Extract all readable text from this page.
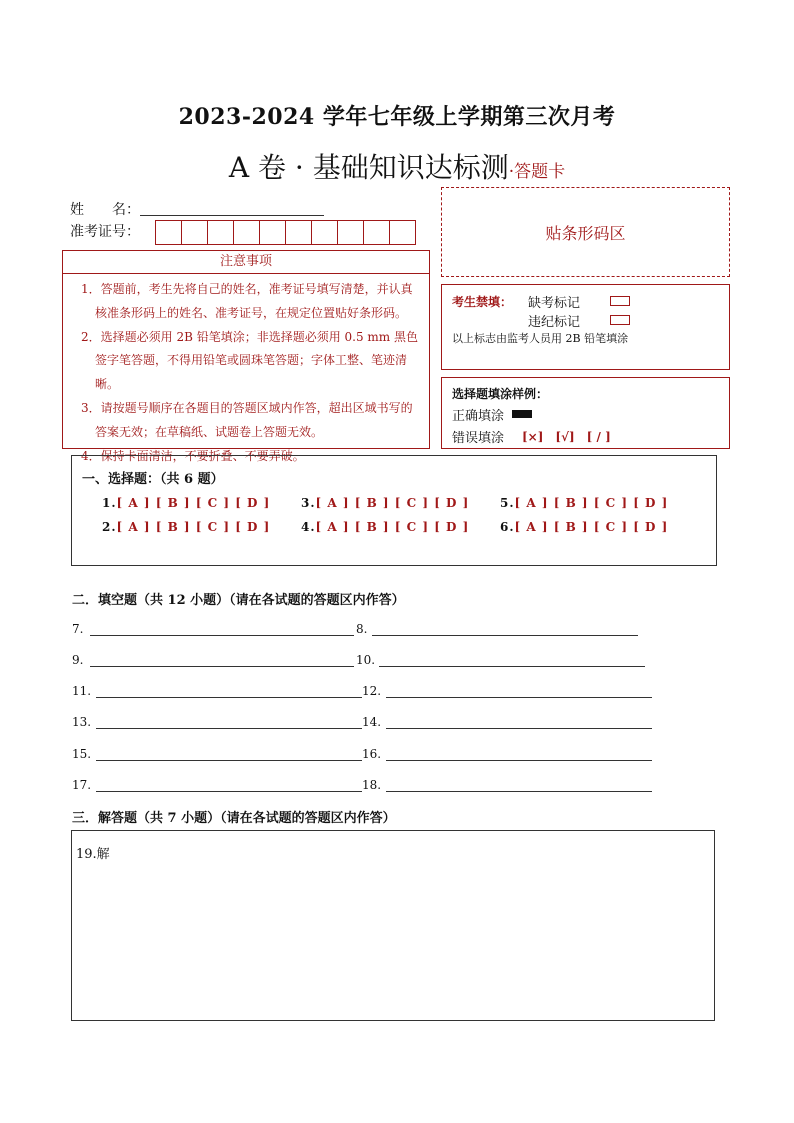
2023-2024 学年七年级上学期第三次月考
A 卷 · 基础知识达标测·答题卡
姓　　名：
准考证号：	贴条形码区
注意事项
1．答题前，考生先将自己的姓名，准考证号填写清楚，并认真核准条形码上的姓名、准考证号，在规定位置贴好条形码。
2．选择题必须用 2B 铅笔填涂；非选择题必须用 0.5 mm 黑色签字笔答题，不得用铅笔或圆珠笔答题；字体工整、笔迹清晰。
3．请按题号顺序在各题目的答题区域内作答，超出区域书写的答案无效；在草稿纸、试题卷上答题无效。
4．保持卡面清洁，不要折叠、不要弄破。
考生禁填： 缺考标记
违纪标记
以上标志由监考人员用 2B 铅笔填涂
选择题填涂样例：
正确填涂
错误填涂 [×]　[√]　[ / ]
一、选择题：（共 6 题）
1.[ A ] [ B ] [ C ] [ D ]
2.[ A ] [ B ] [ C ] [ D ]
3.[ A ] [ B ] [ C ] [ D ]
4.[ A ] [ B ] [ C ] [ D ]
5.[ A ] [ B ] [ C ] [ D ]
6.[ A ] [ B ] [ C ] [ D ]
二．填空题（共 12 小题）（请在各试题的答题区内作答）
7.	8.
9.	10.
11.	12.
13.	14.
15.	16.
17.	18.
三．解答题（共 7 小题）（请在各试题的答题区内作答）
19.解
